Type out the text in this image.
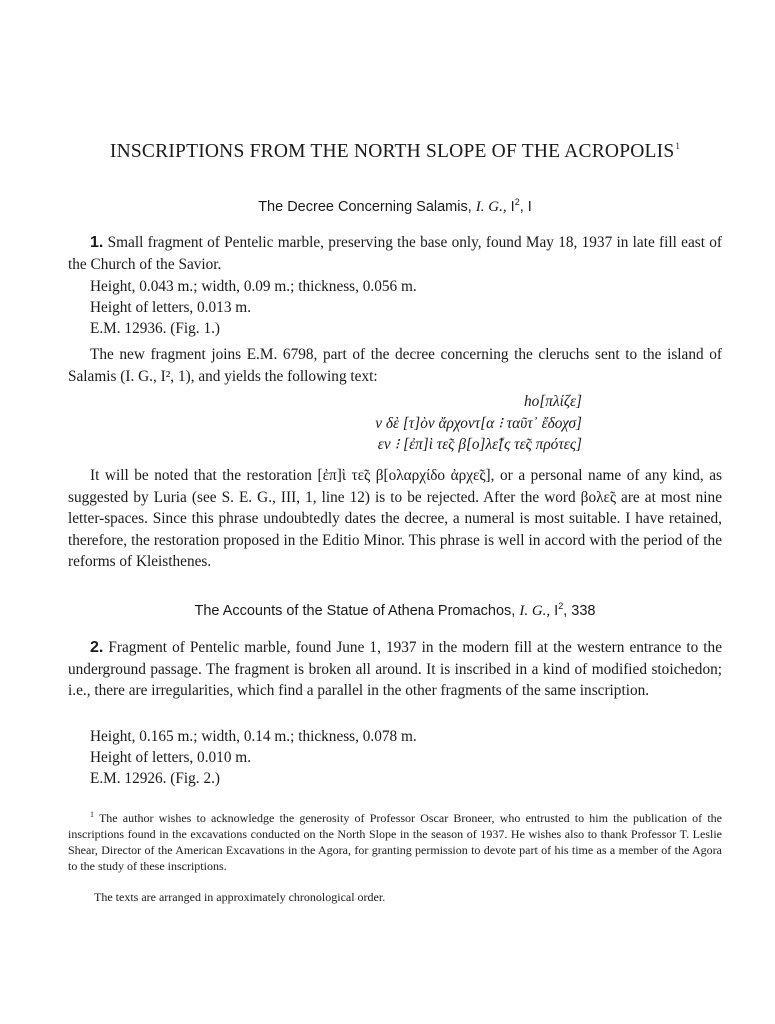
INSCRIPTIONS FROM THE NORTH SLOPE OF THE ACROPOLIS$^1$
The Decree Concerning Salamis, I. G., $I^2$, I
1. Small fragment of Pentelic marble, preserving the base only, found May 18, 1937 in late fill east of the Church of the Savior.
Height, 0.043 m.; width, 0.09 m.; thickness, 0.056 m.
Height of letters, 0.013 m.
E.M. 12936. (Fig. 1.)
The new fragment joins E.M. 6798, part of the decree concerning the cleruchs sent to the island of Salamis (I. G., I², 1), and yields the following text:
ho[πλίζε]
ν δὲ [τ]ὸν ἄρχοντ[α ⁝ ταῦτ᾿ ἔδοχσ]
εν ⁝ [ἐπ]ὶ τε̃ς β[ο]λε̃[ς τε̃ς πρότες]
It will be noted that the restoration [ἐπ]ὶ τε̃ς β[ολαρχίδο ἀρχε̃ς], or a personal name of any kind, as suggested by Luria (see S. E. G., III, 1, line 12) is to be rejected. After the word βολε̃ς are at most nine letter-spaces. Since this phrase undoubtedly dates the decree, a numeral is most suitable. I have retained, therefore, the restoration proposed in the Editio Minor. This phrase is well in accord with the period of the reforms of Kleisthenes.
The Accounts of the Statue of Athena Promachos, I. G., $I^2$, 338
2. Fragment of Pentelic marble, found June 1, 1937 in the modern fill at the western entrance to the underground passage. The fragment is broken all around. It is inscribed in a kind of modified stoichedon; i.e., there are irregularities, which find a parallel in the other fragments of the same inscription.
Height, 0.165 m.; width, 0.14 m.; thickness, 0.078 m.
Height of letters, 0.010 m.
E.M. 12926. (Fig. 2.)
$^1$ The author wishes to acknowledge the generosity of Professor Oscar Broneer, who entrusted to him the publication of the inscriptions found in the excavations conducted on the North Slope in the season of 1937. He wishes also to thank Professor T. Leslie Shear, Director of the American Excavations in the Agora, for granting permission to devote part of his time as a member of the Agora to the study of these inscriptions.
The texts are arranged in approximately chronological order.
